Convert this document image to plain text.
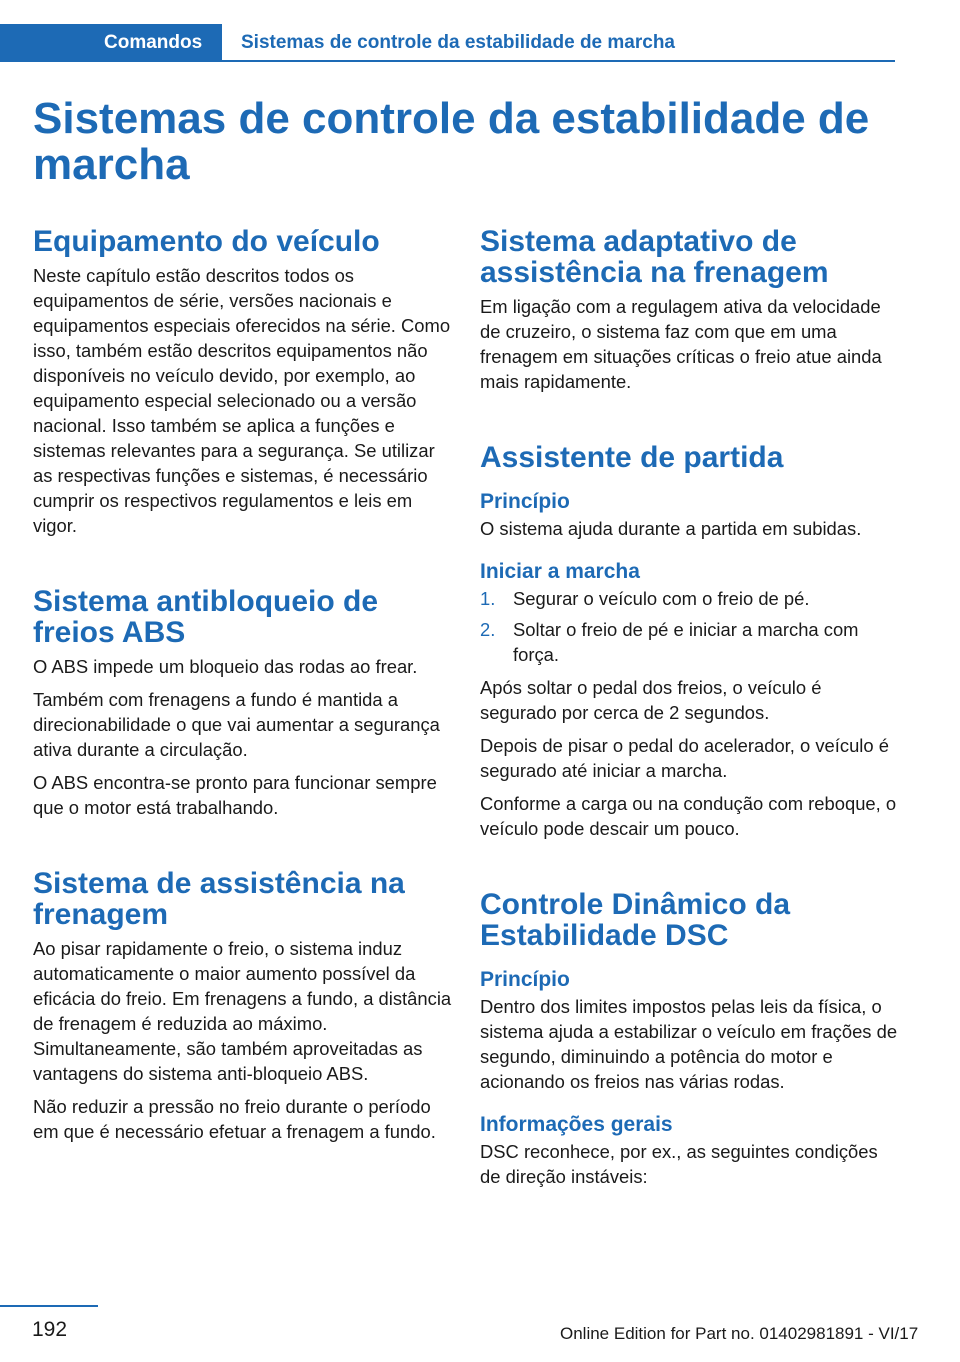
Comandos	Sistemas de controle da estabilidade de marcha
Sistemas de controle da estabilidade de marcha
Equipamento do veículo

Neste capítulo estão descritos todos os equipamentos de série, versões nacionais e equipamentos especiais oferecidos na série. Como isso, também estão descritos equipamentos não disponíveis no veículo devido, por exemplo, ao equipamento especial selecionado ou a versão nacional. Isso também se aplica a funções e sistemas relevantes para a segurança. Se utilizar as respectivas funções e sistemas, é necessário cumprir os respectivos regulamentos e leis em vigor.

Sistema antibloqueio de freios ABS

O ABS impede um bloqueio das rodas ao frear.

Também com frenagens a fundo é mantida a direcionabilidade o que vai aumentar a segurança ativa durante a circulação.

O ABS encontra-se pronto para funcionar sempre que o motor está trabalhando.

Sistema de assistência na frenagem

Ao pisar rapidamente o freio, o sistema induz automaticamente o maior aumento possível da eficácia do freio. Em frenagens a fundo, a distância de frenagem é reduzida ao máximo. Simultaneamente, são também aproveitadas as vantagens do sistema anti-bloqueio ABS.

Não reduzir a pressão no freio durante o período em que é necessário efetuar a frenagem a fundo.

Sistema adaptativo de assistência na frenagem

Em ligação com a regulagem ativa da velocidade de cruzeiro, o sistema faz com que em uma frenagem em situações críticas o freio atue ainda mais rapidamente.

Assistente de partida
Princípio

O sistema ajuda durante a partida em subidas.

Iniciar a marcha
1. Segurar o veículo com o freio de pé.
2. Soltar o freio de pé e iniciar a marcha com força.

Após soltar o pedal dos freios, o veículo é segurado por cerca de 2 segundos.

Depois de pisar o pedal do acelerador, o veículo é segurado até iniciar a marcha.

Conforme a carga ou na condução com reboque, o veículo pode descair um pouco.

Controle Dinâmico da Estabilidade DSC
Princípio

Dentro dos limites impostos pelas leis da física, o sistema ajuda a estabilizar o veículo em frações de segundo, diminuindo a potência do motor e acionando os freios nas várias rodas.

Informações gerais

DSC reconhece, por ex., as seguintes condições de direção instáveis:

192	Online Edition for Part no. 01402981891 - VI/17
